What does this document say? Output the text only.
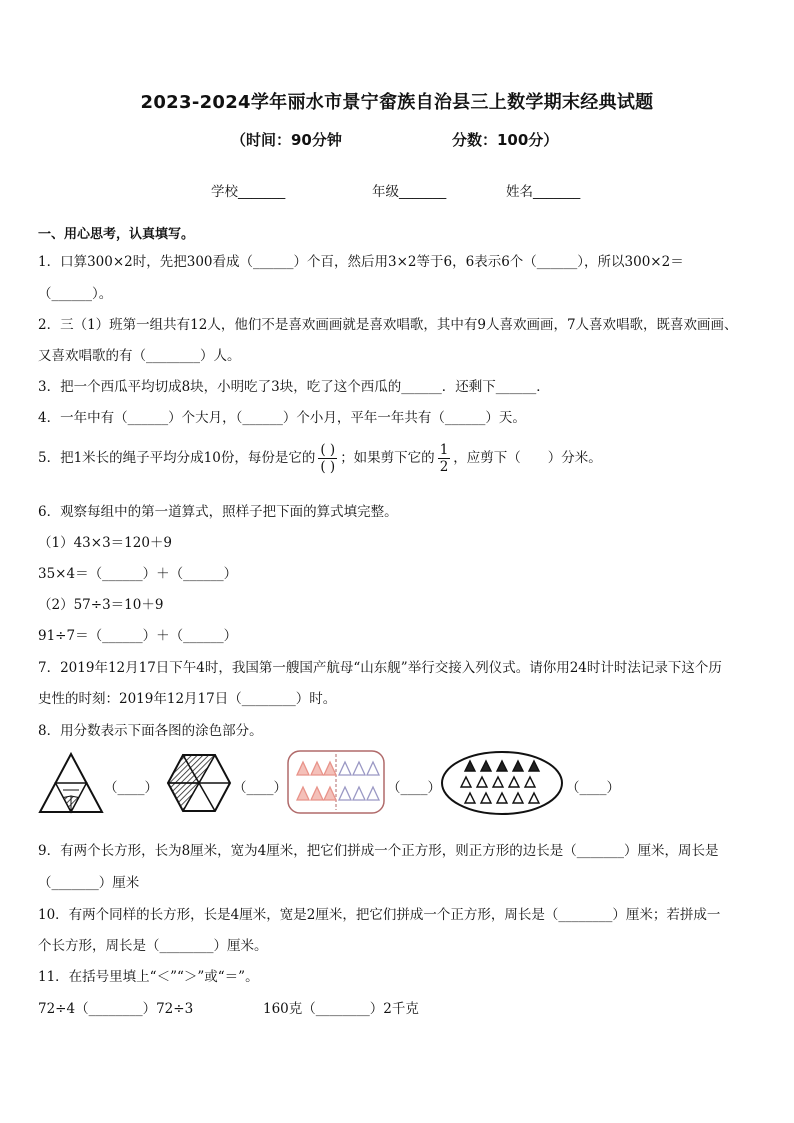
2023-2024学年丽水市景宁畲族自治县三上数学期末经典试题
（时间：90分钟	分数：100分）
学校_______	年级_______	姓名_______
一、用心思考，认真填写。
1．口算300×2时，先把300看成（______）个百，然后用3×2等于6，6表示6个（______），所以300×2＝
（______）。
2．三（1）班第一组共有12人，他们不是喜欢画画就是喜欢唱歌，其中有9人喜欢画画，7人喜欢唱歌，既喜欢画画、
又喜欢唱歌的有（________）人。
3．把一个西瓜平均切成8块，小明吃了3块，吃了这个西瓜的______．还剩下______．
4．一年中有（______）个大月，（______）个小月，平年一年共有（______）天。
5．把1米长的绳子平均分成10份，每份是它的 $\frac{( )}{( )}$ ；如果剪下它的 $\frac{1}{2}$ ，应剪下（　　）分米。
6．观察每组中的第一道算式，照样子把下面的算式填完整。
（1）43×3＝120＋9
35×4＝（______）＋（______）
（2）57÷3＝10＋9
91÷7＝（______）＋（______）
7．2019年12月17日下午4时，我国第一艘国产航母“山东舰”举行交接入列仪式。请你用24时计时法记录下这个历
史性的时刻：2019年12月17日（________）时。
8．用分数表示下面各图的涂色部分。
（____）	（____）	（____）	（____）
9．有两个长方形，长为8厘米，宽为4厘米，把它们拼成一个正方形，则正方形的边长是（_______）厘米，周长是
（_______）厘米
10．有两个同样的长方形，长是4厘米，宽是2厘米，把它们拼成一个正方形，周长是（________）厘米；若拼成一
个长方形，周长是（________）厘米。
11．在括号里填上“＜”“＞”或“＝”。
72÷4（________）72÷3	160克（________）2千克
